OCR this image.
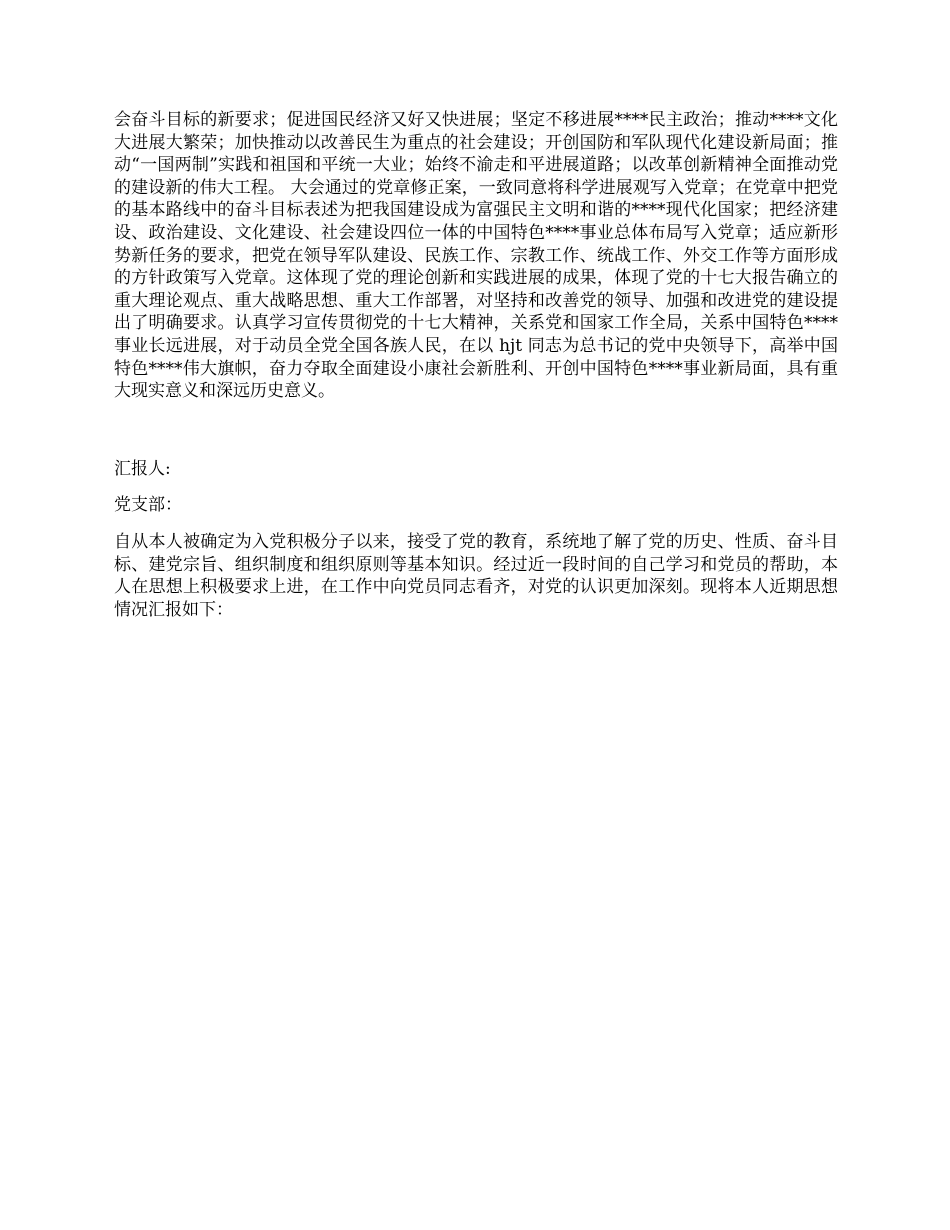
会奋斗目标的新要求；促进国民经济又好又快进展；坚定不移进展****民主政治；推动****文化大进展大繁荣；加快推动以改善民生为重点的社会建设；开创国防和军队现代化建设新局面；推动“一国两制”实践和祖国和平统一大业；始终不渝走和平进展道路；以改革创新精神全面推动党的建设新的伟大工程。 大会通过的党章修正案，一致同意将科学进展观写入党章；在党章中把党的基本路线中的奋斗目标表述为把我国建设成为富强民主文明和谐的****现代化国家；把经济建设、政治建设、文化建设、社会建设四位一体的中国特色****事业总体布局写入党章；适应新形势新任务的要求，把党在领导军队建设、民族工作、宗教工作、统战工作、外交工作等方面形成的方针政策写入党章。这体现了党的理论创新和实践进展的成果，体现了党的十七大报告确立的重大理论观点、重大战略思想、重大工作部署，对坚持和改善党的领导、加强和改进党的建设提出了明确要求。认真学习宣传贯彻党的十七大精神，关系党和国家工作全局，关系中国特色****事业长远进展，对于动员全党全国各族人民，在以 hjt 同志为总书记的党中央领导下，高举中国特色****伟大旗帜，奋力夺取全面建设小康社会新胜利、开创中国特色****事业新局面，具有重大现实意义和深远历史意义。

汇报人:

党支部：

自从本人被确定为入党积极分子以来，接受了党的教育，系统地了解了党的历史、性质、奋斗目标、建党宗旨、组织制度和组织原则等基本知识。经过近一段时间的自己学习和党员的帮助，本人在思想上积极要求上进，在工作中向党员同志看齐，对党的认识更加深刻。现将本人近期思想情况汇报如下：
